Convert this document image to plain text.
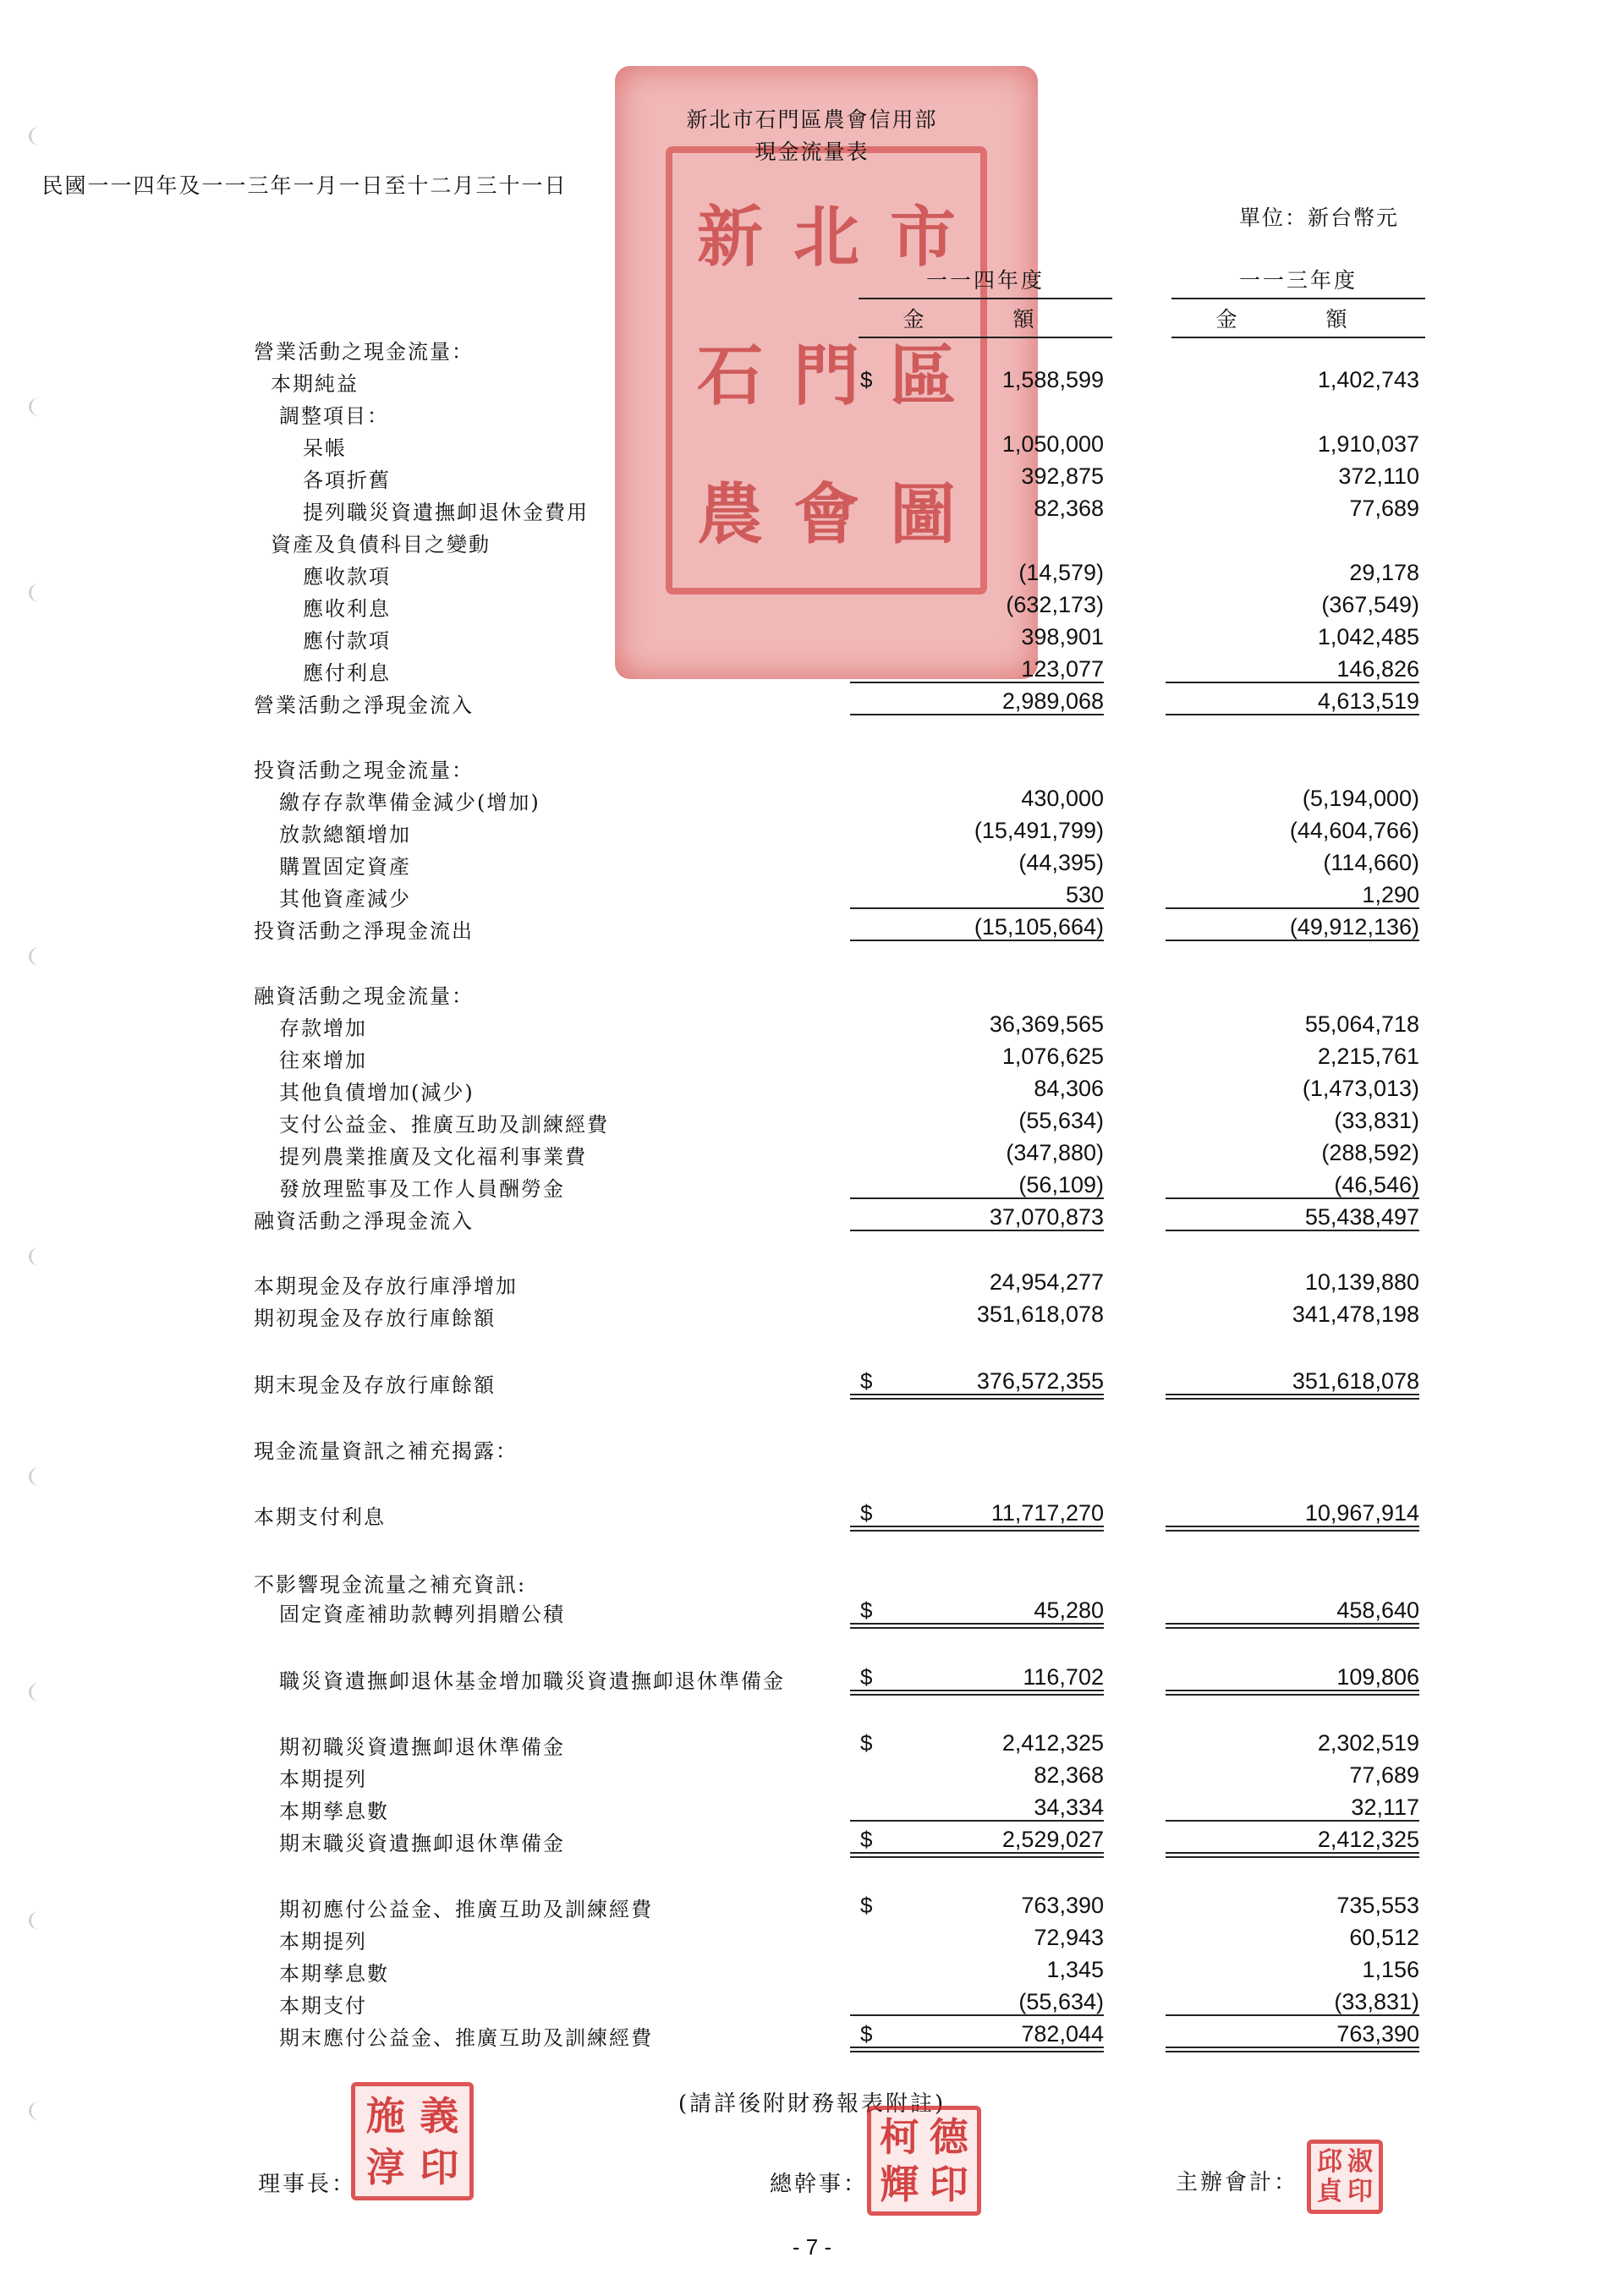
新 北 市
石 門 區
農 會 圖
新北市石門區農會信用部
現金流量表
民國一一四年及一一三年一月一日至十二月三十一日
單位：新台幣元
一一四年度
金　額
一一三年度
金　額
營業活動之現金流量：
本期純益	$	1,588,599	1,402,743
調整項目：
呆帳	1,050,000	1,910,037
各項折舊	392,875	372,110
提列職災資遺撫卹退休金費用	82,368	77,689
資產及負債科目之變動
應收款項	(14,579)	29,178
應收利息	(632,173)	(367,549)
應付款項	398,901	1,042,485
應付利息	123,077	146,826
營業活動之淨現金流入	2,989,068	4,613,519
投資活動之現金流量：
繳存存款準備金減少(增加)	430,000	(5,194,000)
放款總額增加	(15,491,799)	(44,604,766)
購置固定資產	(44,395)	(114,660)
其他資產減少	530	1,290
投資活動之淨現金流出	(15,105,664)	(49,912,136)
融資活動之現金流量：
存款增加	36,369,565	55,064,718
往來增加	1,076,625	2,215,761
其他負債增加(減少)	84,306	(1,473,013)
支付公益金、推廣互助及訓練經費	(55,634)	(33,831)
提列農業推廣及文化福利事業費	(347,880)	(288,592)
發放理監事及工作人員酬勞金	(56,109)	(46,546)
融資活動之淨現金流入	37,070,873	55,438,497
本期現金及存放行庫淨增加	24,954,277	10,139,880
期初現金及存放行庫餘額	351,618,078	341,478,198
期末現金及存放行庫餘額	$	376,572,355	351,618,078
現金流量資訊之補充揭露：
本期支付利息	$	11,717,270	10,967,914
不影響現金流量之補充資訊:
固定資產補助款轉列捐贈公積	$	45,280	458,640
職災資遺撫卹退休基金增加職災資遺撫卹退休準備金	$	116,702	109,806
期初職災資遺撫卹退休準備金	$	2,412,325	2,302,519
本期提列	82,368	77,689
本期孳息數	34,334	32,117
期末職災資遺撫卹退休準備金	$	2,529,027	2,412,325
期初應付公益金、推廣互助及訓練經費	$	763,390	735,553
本期提列	72,943	60,512
本期孳息數	1,345	1,156
本期支付	(55,634)	(33,831)
期末應付公益金、推廣互助及訓練經費	$	782,044	763,390
(請詳後附財務報表附註)
理事長：
施 義
淳 印	總幹事：
柯 德
輝 印	主辦會計：
邱 淑
貞 印
- 7 -
